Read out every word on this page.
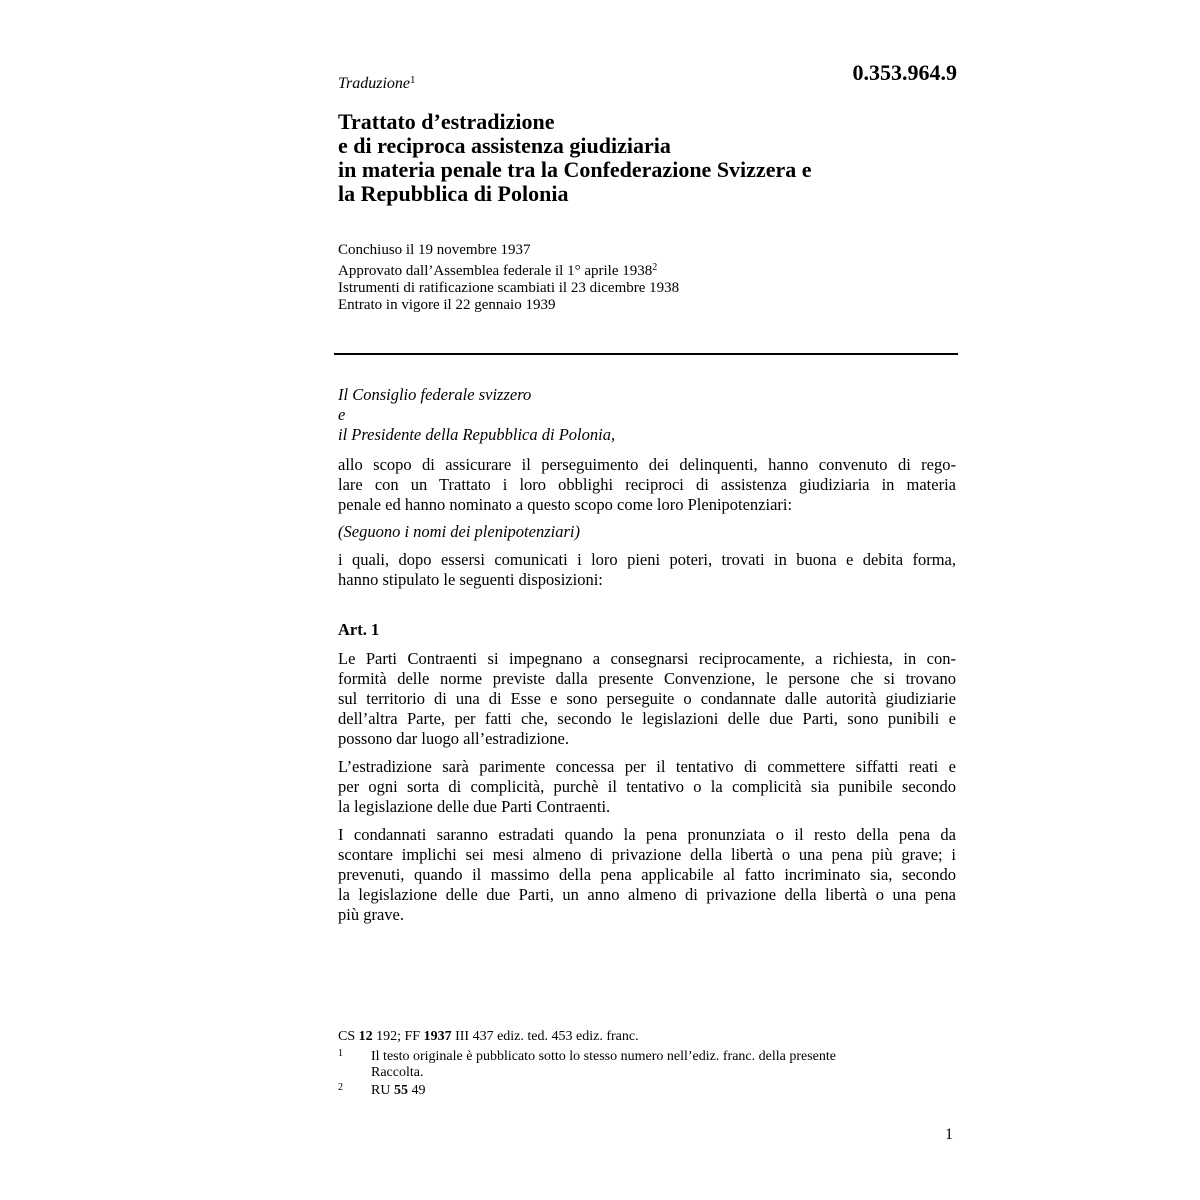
Traduzione$^1$	0.353.964.9
Trattato d’estradizione
e di reciproca assistenza giudiziaria
in materia penale tra la Confederazione Svizzera e
la Repubblica di Polonia
Conchiuso il 19 novembre 1937
Approvato dall’Assemblea federale il 1° aprile 1938$^2$
Istrumenti di ratificazione scambiati il 23 dicembre 1938
Entrato in vigore il 22 gennaio 1939
Il Consiglio federale svizzero
e
il Presidente della Repubblica di Polonia,
allo scopo di assicurare il perseguimento dei delinquenti, hanno convenuto di rego-
lare con un Trattato i loro obblighi reciproci di assistenza giudiziaria in materia
penale ed hanno nominato a questo scopo come loro Plenipotenziari:
(Seguono i nomi dei plenipotenziari)
i quali, dopo essersi comunicati i loro pieni poteri, trovati in buona e debita forma,
hanno stipulato le seguenti disposizioni:
Art. 1
Le Parti Contraenti si impegnano a consegnarsi reciprocamente, a richiesta, in con-
formità delle norme previste dalla presente Convenzione, le persone che si trovano
sul territorio di una di Esse e sono perseguite o condannate dalle autorità giudiziarie
dell’altra Parte, per fatti che, secondo le legislazioni delle due Parti, sono punibili e
possono dar luogo all’estradizione.
L’estradizione sarà parimente concessa per il tentativo di commettere siffatti reati e
per ogni sorta di complicità, purchè il tentativo o la complicità sia punibile secondo
la legislazione delle due Parti Contraenti.
I condannati saranno estradati quando la pena pronunziata o il resto della pena da
scontare implichi sei mesi almeno di privazione della libertà o una pena più grave; i
prevenuti, quando il massimo della pena applicabile al fatto incriminato sia, secondo
la legislazione delle due Parti, un anno almeno di privazione della libertà o una pena
più grave.
CS 12 192; FF 1937 III 437 ediz. ted. 453 ediz. franc.
1 Il testo originale è pubblicato sotto lo stesso numero nell’ediz. franc. della presente
Raccolta.
2 RU 55 49
1
